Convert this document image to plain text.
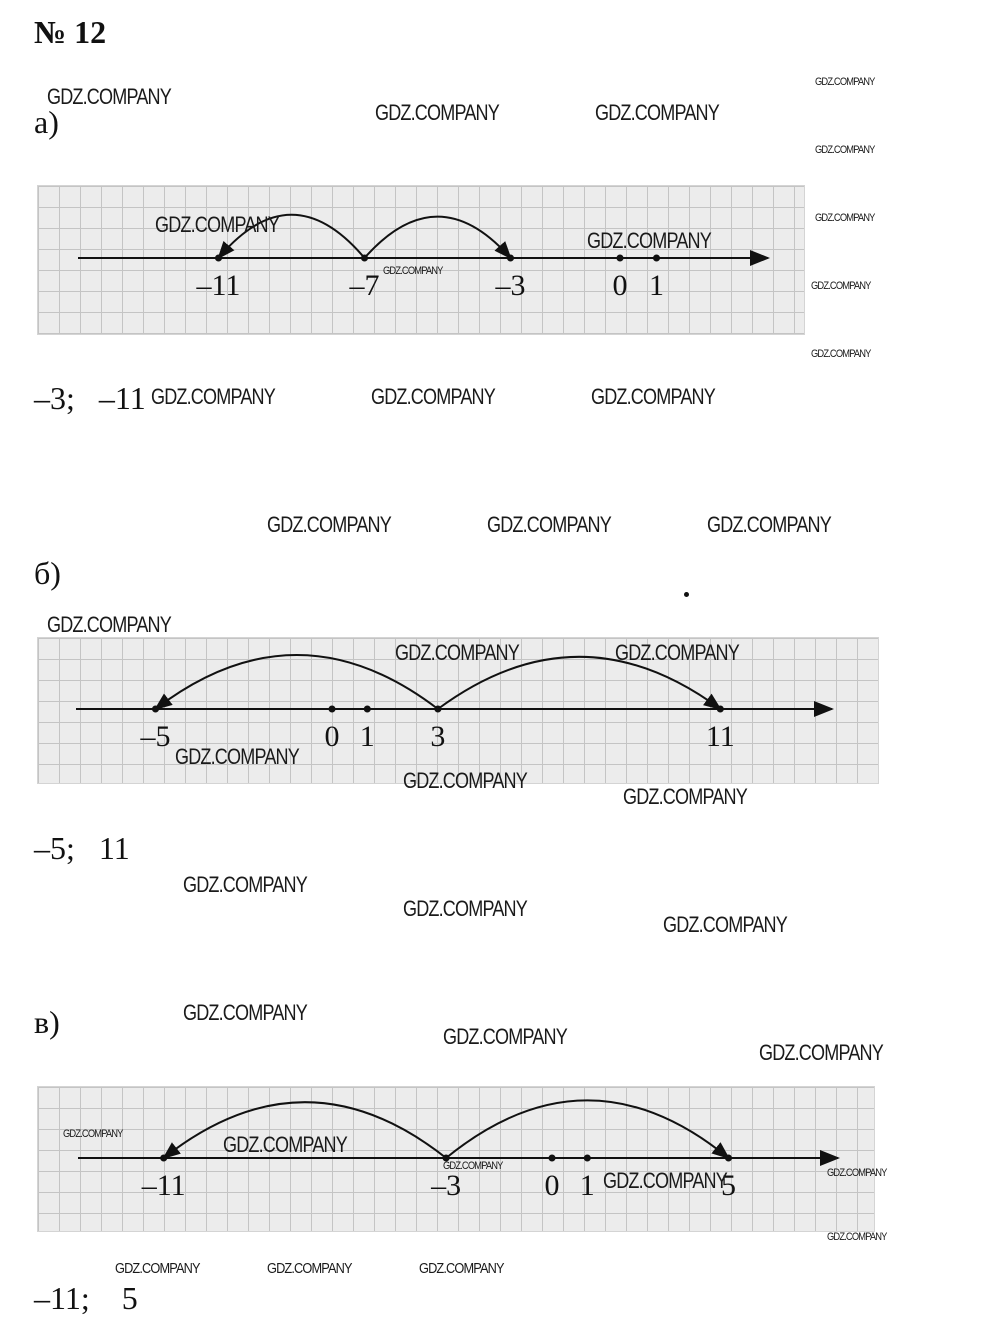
№ 12
а)
–11	–7	–3	0 1
–3;   –11
б)
–5	0 1 3	11
–5;   11
в)
–11	–3	0 1	5
–11;    5
GDZ.COMPANY
GDZ.COMPANY	GDZ.COMPANY
GDZ.COMPANY
GDZ.COMPANY
GDZ.COMPANY	GDZ.COMPANY	GDZ.COMPANY
GDZ.COMPANY	GDZ.COMPANY	GDZ.COMPANY
GDZ.COMPANY
GDZ.COMPANY	GDZ.COMPANY
GDZ.COMPANY
GDZ.COMPANY
GDZ.COMPANY
GDZ.COMPANY
GDZ.COMPANY
GDZ.COMPANY
GDZ.COMPANY
GDZ.COMPANY
GDZ.COMPANY
GDZ.COMPANY
GDZ.COMPANY
GDZ.COMPANY
GDZ.COMPANY
GDZ.COMPANY
GDZ.COMPANY
GDZ.COMPANY
GDZ.COMPANY
GDZ.COMPANY
GDZ.COMPANY
GDZ.COMPANY
GDZ.COMPANY
GDZ.COMPANY	GDZ.COMPANY	GDZ.COMPANY
